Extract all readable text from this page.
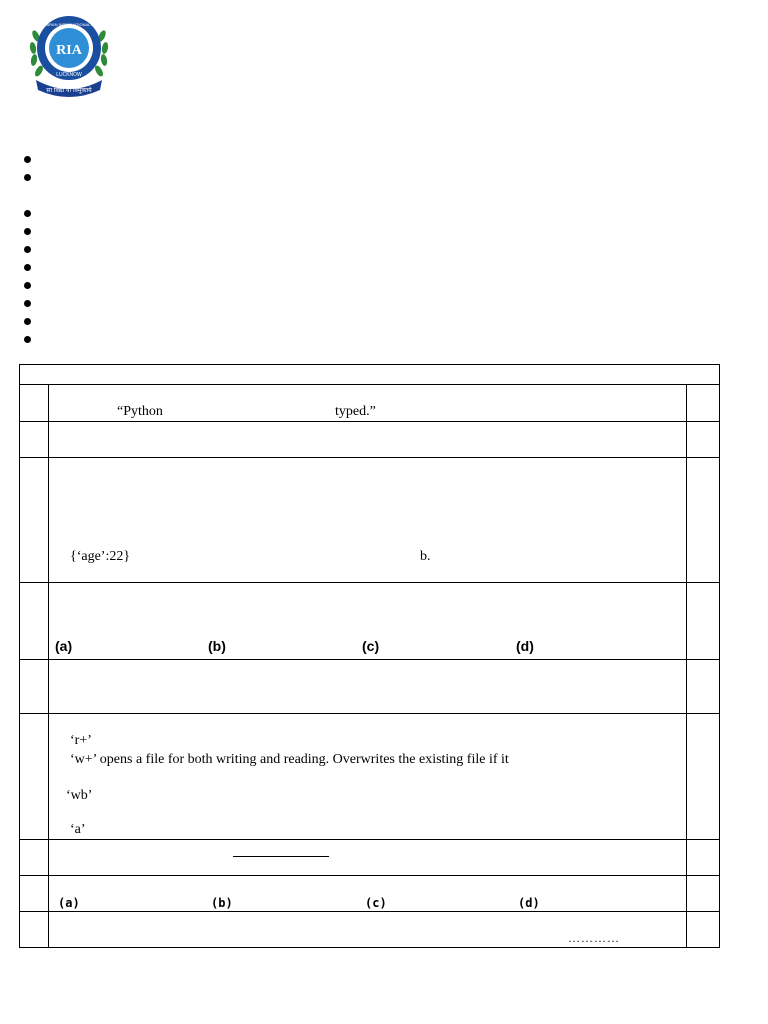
RIA
RAJESHWARAN INTERNATIONAL ACADEMY
LUCKNOW
सा विद्या या विमुक्तये
“Python	typed.”
{‘age’:22}	b.
(a)	(b)	(c)	(d)
‘r+’
‘w+’ opens a file for both writing and reading. Overwrites the existing file if it
‘wb’
‘a’
(a)	(b)	(c)	(d)
…………
